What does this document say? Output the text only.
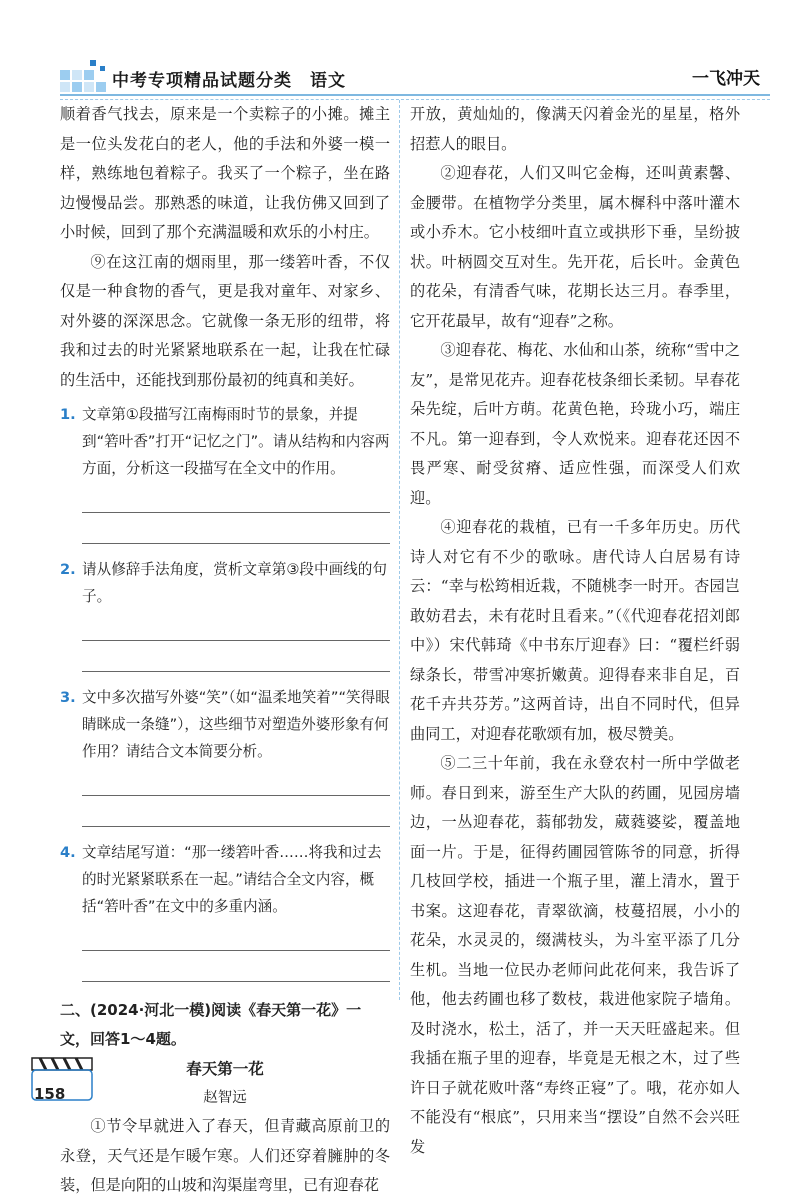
中考专项精品试题分类 语文	一飞冲天

顺着香气找去，原来是一个卖粽子的小摊。摊主是一位头发花白的老人，他的手法和外婆一模一样，熟练地包着粽子。我买了一个粽子，坐在路边慢慢品尝。那熟悉的味道，让我仿佛又回到了小时候，回到了那个充满温暖和欢乐的小村庄。

⑨在这江南的烟雨里，那一缕箬叶香，不仅仅是一种食物的香气，更是我对童年、对家乡、对外婆的深深思念。它就像一条无形的纽带，将我和过去的时光紧紧地联系在一起，让我在忙碌的生活中，还能找到那份最初的纯真和美好。

1. 文章第①段描写江南梅雨时节的景象，并提到“箬叶香”打开“记忆之门”。请从结构和内容两方面，分析这一段描写在全文中的作用。
2. 请从修辞手法角度，赏析文章第③段中画线的句子。
3. 文中多次描写外婆“笑”（如“温柔地笑着”“笑得眼睛眯成一条缝”），这些细节对塑造外婆形象有何作用？请结合文本简要分析。
4. 文章结尾写道：“那一缕箬叶香……将我和过去的时光紧紧联系在一起。”请结合全文内容，概括“箬叶香”在文中的多重内涵。
二、(2024·河北一模)阅读《春天第一花》一文，回答1～4题。
春天第一花
赵智远

①节令早就进入了春天，但青藏高原前卫的永登，天气还是乍暖乍寒。人们还穿着臃肿的冬装，但是向阳的山坡和沟渠崖弯里，已有迎春花

开放，黄灿灿的，像满天闪着金光的星星，格外招惹人的眼目。

②迎春花，人们又叫它金梅，还叫黄素馨、金腰带。在植物学分类里，属木樨科中落叶灌木或小乔木。它小枝细叶直立或拱形下垂，呈纷披状。叶柄圆交互对生。先开花，后长叶。金黄色的花朵，有清香气味，花期长达三月。春季里，它开花最早，故有“迎春”之称。

③迎春花、梅花、水仙和山茶，统称“雪中之友”，是常见花卉。迎春花枝条细长柔韧。早春花朵先绽，后叶方萌。花黄色艳，玲珑小巧，端庄不凡。第一迎春到，令人欢悦来。迎春花还因不畏严寒、耐受贫瘠、适应性强，而深受人们欢迎。

④迎春花的栽植，已有一千多年历史。历代诗人对它有不少的歌咏。唐代诗人白居易有诗云：“幸与松筠相近栽，不随桃李一时开。杏园岂敢妨君去，未有花时且看来。”（《代迎春花招刘郎中》）宋代韩琦《中书东厅迎春》曰：“覆栏纤弱绿条长，带雪冲寒折嫩黄。迎得春来非自足，百花千卉共芬芳。”这两首诗，出自不同时代，但异曲同工，对迎春花歌颂有加，极尽赞美。

⑤二三十年前，我在永登农村一所中学做老师。春日到来，游至生产大队的药圃，见园房墙边，一丛迎春花，蓊郁勃发，葳蕤婆娑，覆盖地面一片。于是，征得药圃园管陈爷的同意，折得几枝回学校，插进一个瓶子里，灌上清水，置于书案。这迎春花，青翠欲滴，枝蔓招展，小小的花朵，水灵灵的，缀满枝头，为斗室平添了几分生机。当地一位民办老师问此花何来，我告诉了他，他去药圃也移了数枝，栽进他家院子墙角。及时浇水，松土，活了，并一天天旺盛起来。但我插在瓶子里的迎春，毕竟是无根之木，过了些许日子就花败叶落“寿终正寝”了。哦，花亦如人不能没有“根底”，只用来当“摆设”自然不会兴旺发

158
